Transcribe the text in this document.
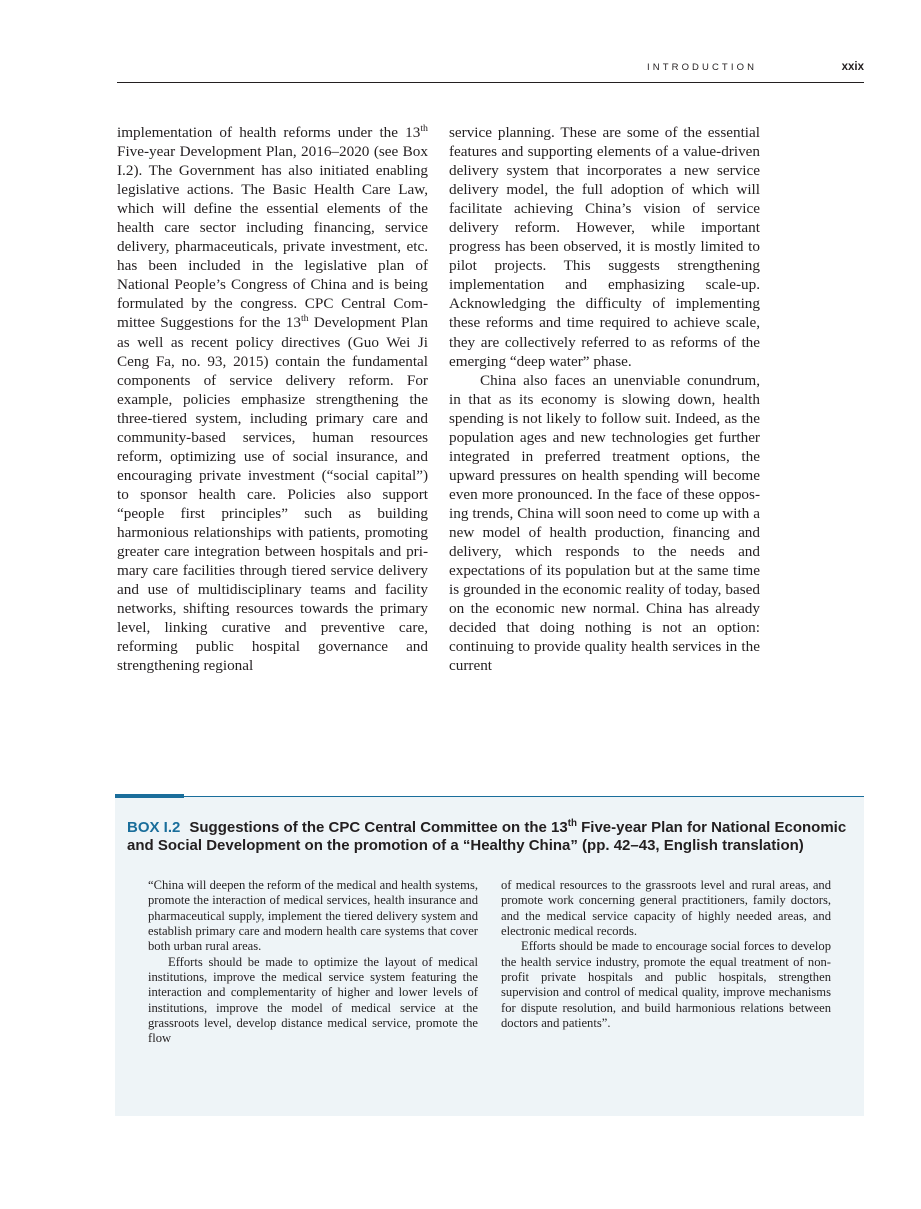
INTRODUCTION	xxix

implementation of health reforms under the 13th Five-year Development Plan, 2016–2020 (see Box I.2). The Government has also initiated enabling legislative actions. The Basic Health Care Law, which will define the essential elements of the health care sector including financing, service delivery, pharmaceuticals, private investment, etc. has been included in the legislative plan of National People’s Congress of China and is being formulated by the congress. CPC Central Committee Suggestions for the 13th Development Plan as well as recent policy directives (Guo Wei Ji Ceng Fa, no. 93, 2015) contain the fundamental components of service delivery reform. For example, policies emphasize strengthening the three-tiered system, including primary care and community-based services, human resources reform, optimizing use of social insurance, and encouraging private investment (“social capital”) to sponsor health care. Policies also support “people first principles” such as building harmonious relationships with patients, promoting greater care integration between hospitals and primary care facilities through tiered service delivery and use of multidisciplinary teams and facility networks, shifting resources towards the primary level, linking curative and preventive care, reforming public hospital governance and strengthening regional

service planning. These are some of the essential features and supporting elements of a value-driven delivery system that incorporates a new service delivery model, the full adoption of which will facilitate achieving China’s vision of service delivery reform. However, while important progress has been observed, it is mostly limited to pilot projects. This suggests strengthening implementation and emphasizing scale-up. Acknowledging the difficulty of implementing these reforms and time required to achieve scale, they are collectively referred to as reforms of the emerging “deep water” phase.

China also faces an unenviable conundrum, in that as its economy is slowing down, health spending is not likely to follow suit. Indeed, as the population ages and new technologies get further integrated in preferred treatment options, the upward pressures on health spending will become even more pronounced. In the face of these opposing trends, China will soon need to come up with a new model of health production, financing and delivery, which responds to the needs and expectations of its population but at the same time is grounded in the economic reality of today, based on the economic new normal. China has already decided that doing nothing is not an option: continuing to provide quality health services in the current

BOX I.2 Suggestions of the CPC Central Committee on the 13th Five-year Plan for National Economic and Social Development on the promotion of a “Healthy China” (pp. 42–43, English translation)

“China will deepen the reform of the medical and health systems, promote the interaction of medical services, health insurance and pharmaceutical supply, implement the tiered delivery system and establish primary care and modern health care systems that cover both urban rural areas.

Efforts should be made to optimize the layout of medical institutions, improve the medical service system featuring the interaction and complementarity of higher and lower levels of institutions, improve the model of medical service at the grassroots level, develop distance medical service, promote the flow

of medical resources to the grassroots level and rural areas, and promote work concerning general practitioners, family doctors, and the medical service capacity of highly needed areas, and electronic medical records.

Efforts should be made to encourage social forces to develop the health service industry, promote the equal treatment of non-profit private hospitals and public hospitals, strengthen supervision and control of medical quality, improve mechanisms for dispute resolution, and build harmonious relations between doctors and patients”.
